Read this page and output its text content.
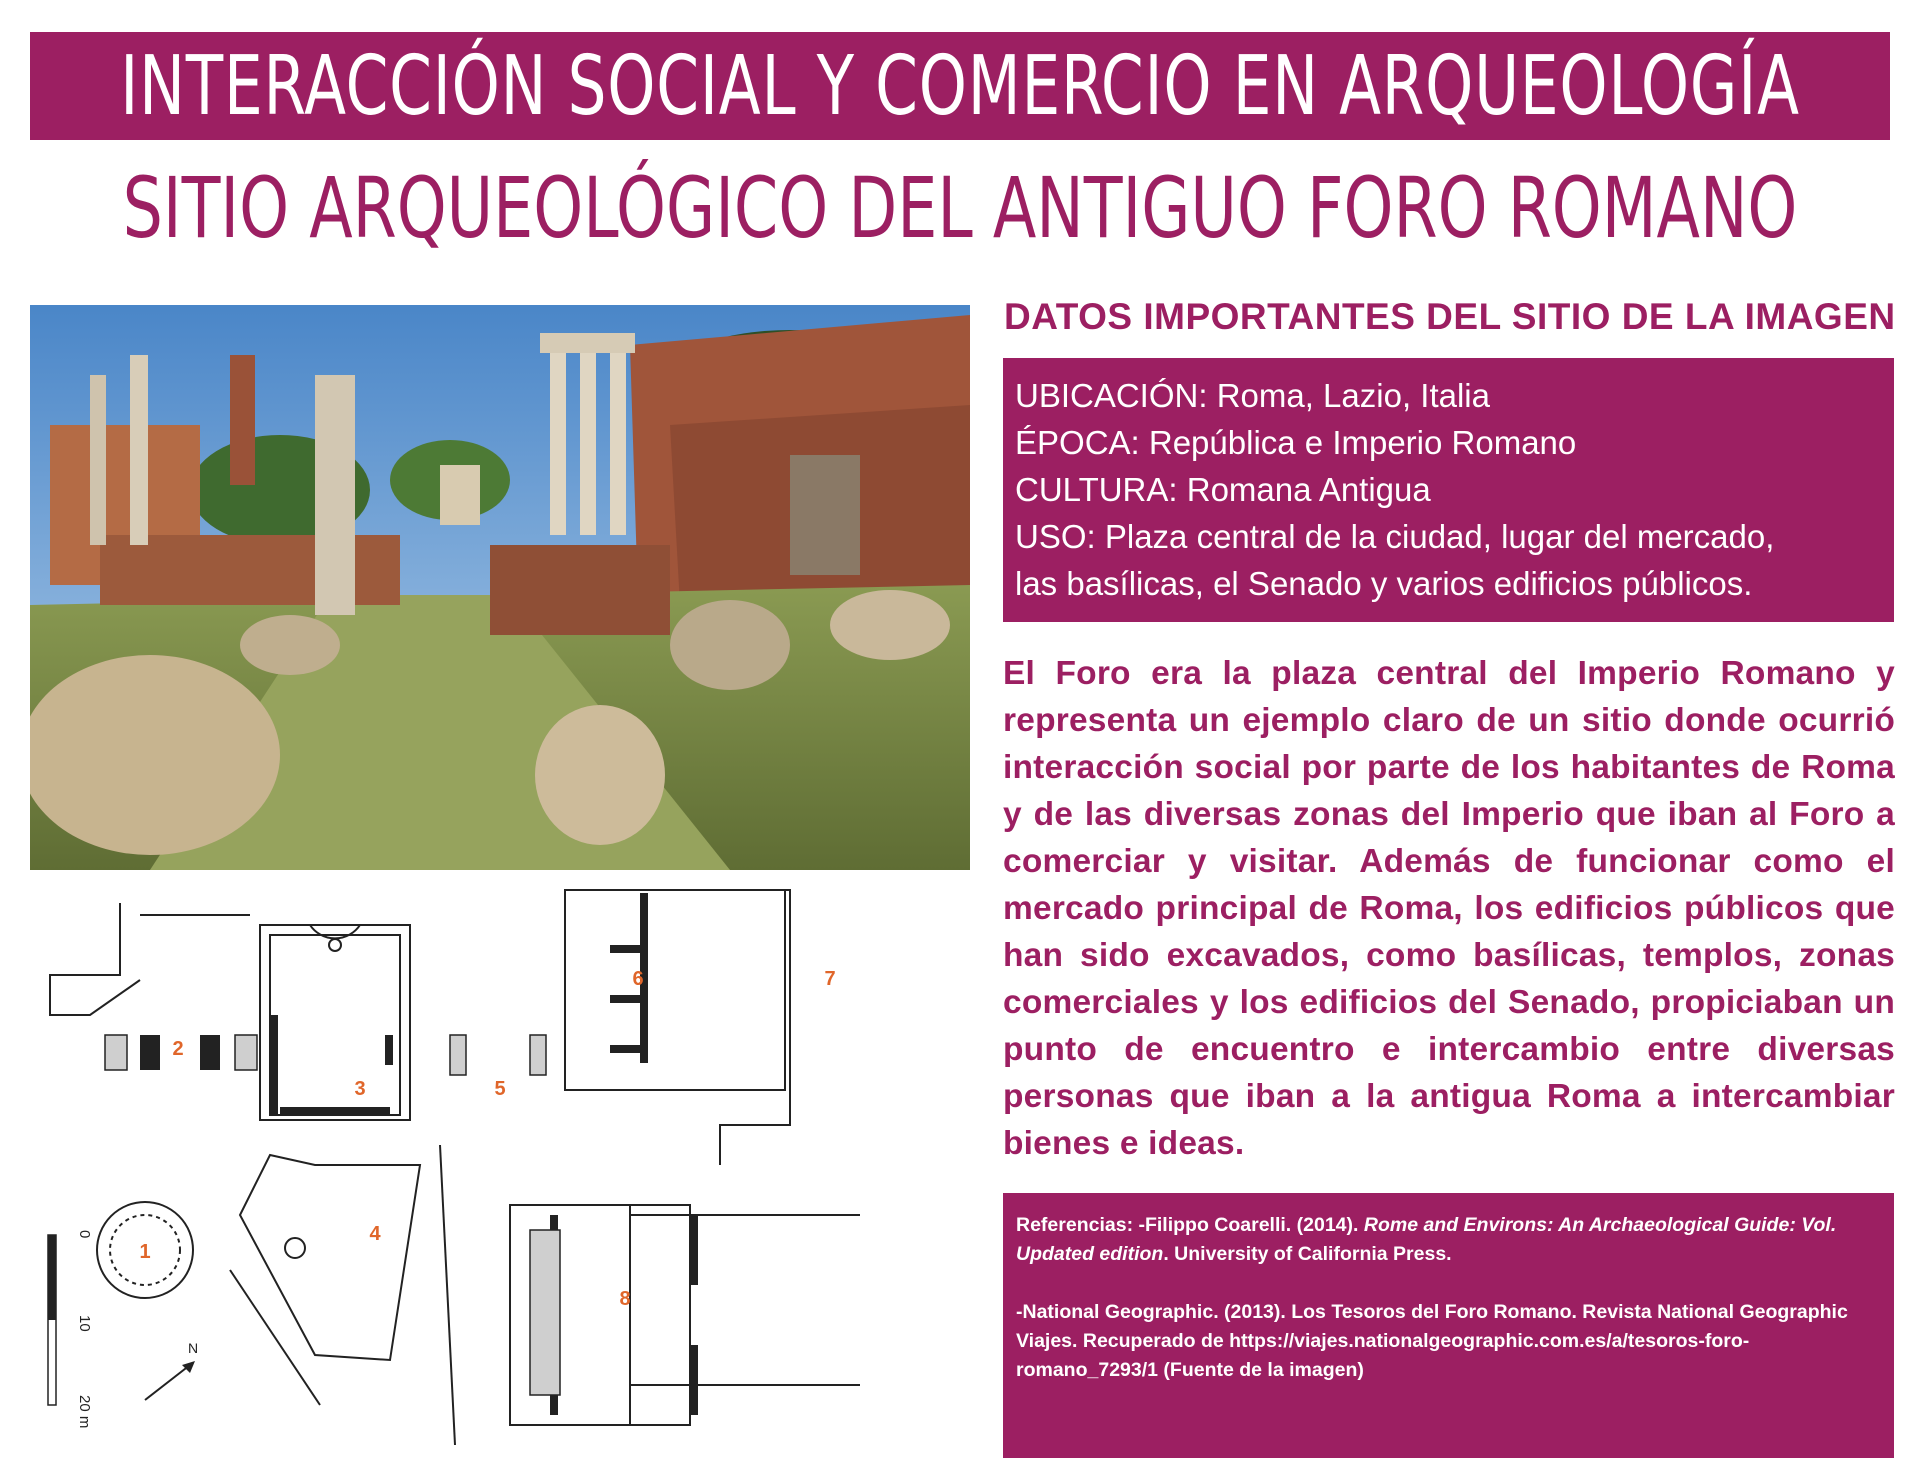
INTERACCIÓN SOCIAL Y COMERCIO EN ARQUEOLOGÍA
SITIO ARQUEOLÓGICO DEL ANTIGUO FORO ROMANO
1
2
3
4
5
6	7
8
0
10
20 m
N
DATOS IMPORTANTES DEL SITIO DE LA IMAGEN
UBICACIÓN: Roma, Lazio, Italia
ÉPOCA: República e Imperio Romano
CULTURA: Romana Antigua
USO: Plaza central de la ciudad, lugar del mercado,
las basílicas, el Senado y varios edificios públicos.
El Foro era la plaza central del Imperio Romano y representa un ejemplo claro de un sitio donde ocurrió interacción social por parte de los habitantes de Roma y de las diversas zonas del Imperio que iban al Foro a comerciar y visitar. Además de funcionar como el mercado principal de Roma, los edificios públicos que han sido excavados, como basílicas, templos, zonas comerciales y los edificios del Senado, propiciaban un punto de encuentro e intercambio entre diversas personas que iban a la antigua Roma a intercambiar bienes e ideas.

Referencias: -Filippo Coarelli. (2014). Rome and Environs: An Archaeological Guide: Vol. Updated edition. University of California Press.

-National Geographic. (2013). Los Tesoros del Foro Romano. Revista National Geographic Viajes. Recuperado de https://viajes.nationalgeographic.com.es/a/tesoros-foro-romano_7293/1 (Fuente de la imagen)
